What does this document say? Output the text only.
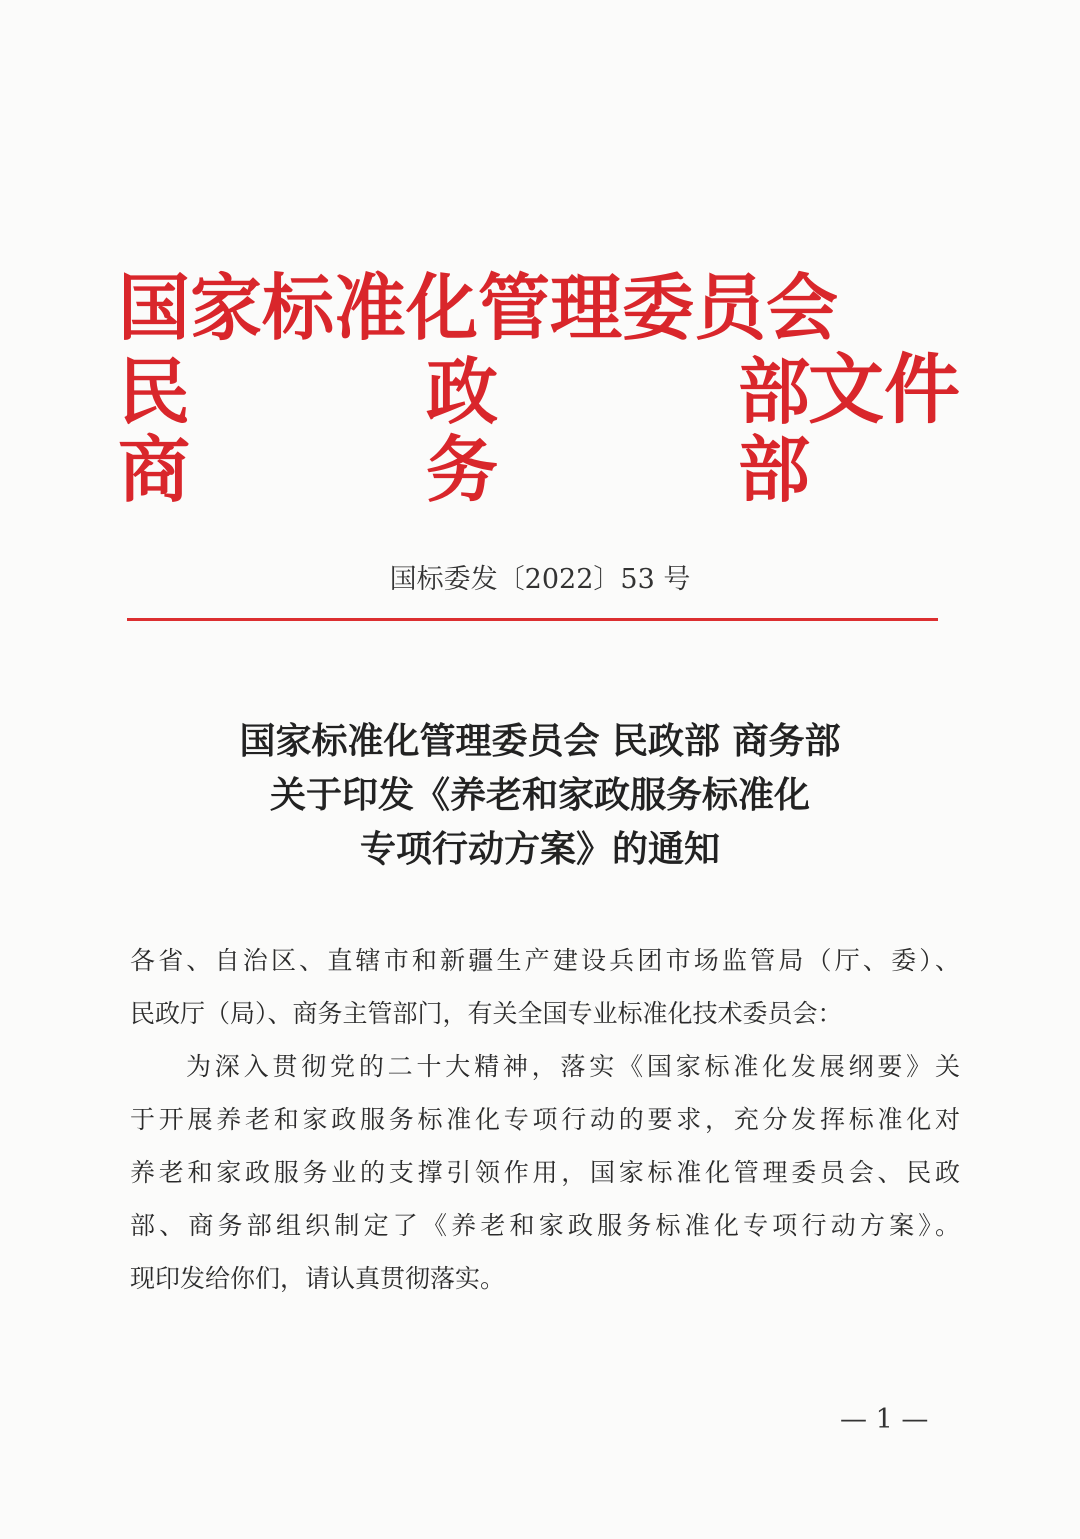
国家标准化管理委员会
民	政	部
商	务	部
文件
国标委发〔2022〕53 号
国家标准化管理委员会 民政部 商务部
关于印发《养老和家政服务标准化
专项行动方案》的通知
各省、自治区、直辖市和新疆生产建设兵团市场监管局（厅、委）、
民政厅（局）、商务主管部门，有关全国专业标准化技术委员会：
为深入贯彻党的二十大精神，落实《国家标准化发展纲要》关
于开展养老和家政服务标准化专项行动的要求，充分发挥标准化对
养老和家政服务业的支撑引领作用，国家标准化管理委员会、民政
部、商务部组织制定了《养老和家政服务标准化专项行动方案》。
现印发给你们，请认真贯彻落实。
— 1 —
